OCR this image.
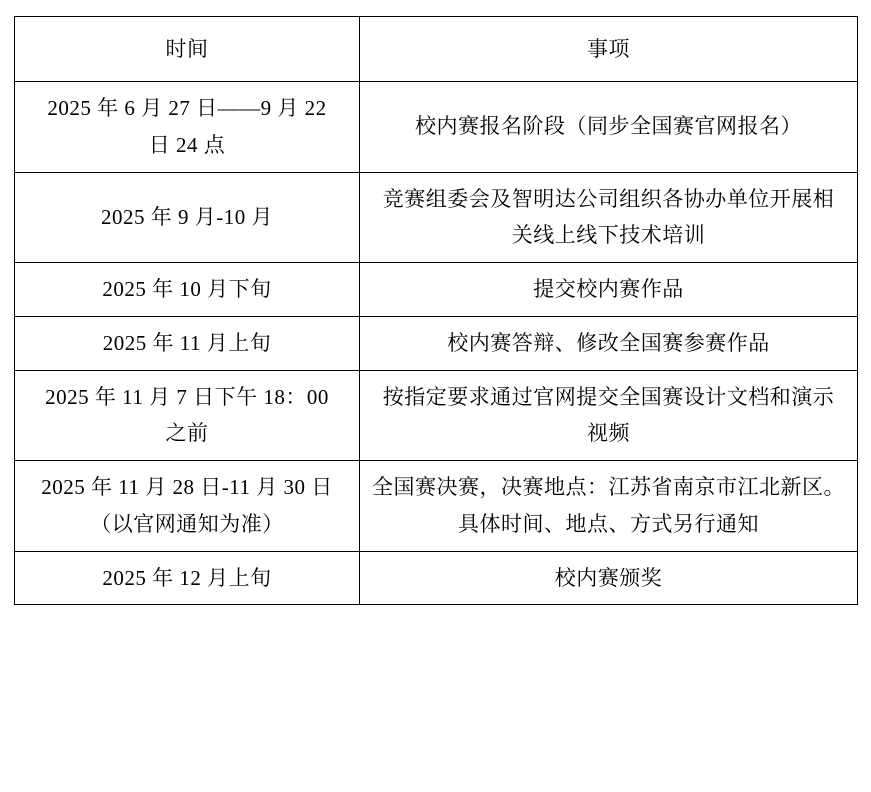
时间	事项

2025 年 6 月 27 日——9 月 22
日 24 点	校内赛报名阶段（同步全国赛官网报名）

2025 年 9 月-10 月	竞赛组委会及智明达公司组织各协办单位开展相
关线上线下技术培训

2025 年 10 月下旬	提交校内赛作品

2025 年 11 月上旬	校内赛答辩、修改全国赛参赛作品

2025 年 11 月 7 日下午 18：00
之前	按指定要求通过官网提交全国赛设计文档和演示
视频

2025 年 11 月 28 日-11 月 30 日
（以官网通知为准）	全国赛决赛，决赛地点：江苏省南京市江北新区。
具体时间、地点、方式另行通知

2025 年 12 月上旬	校内赛颁奖
